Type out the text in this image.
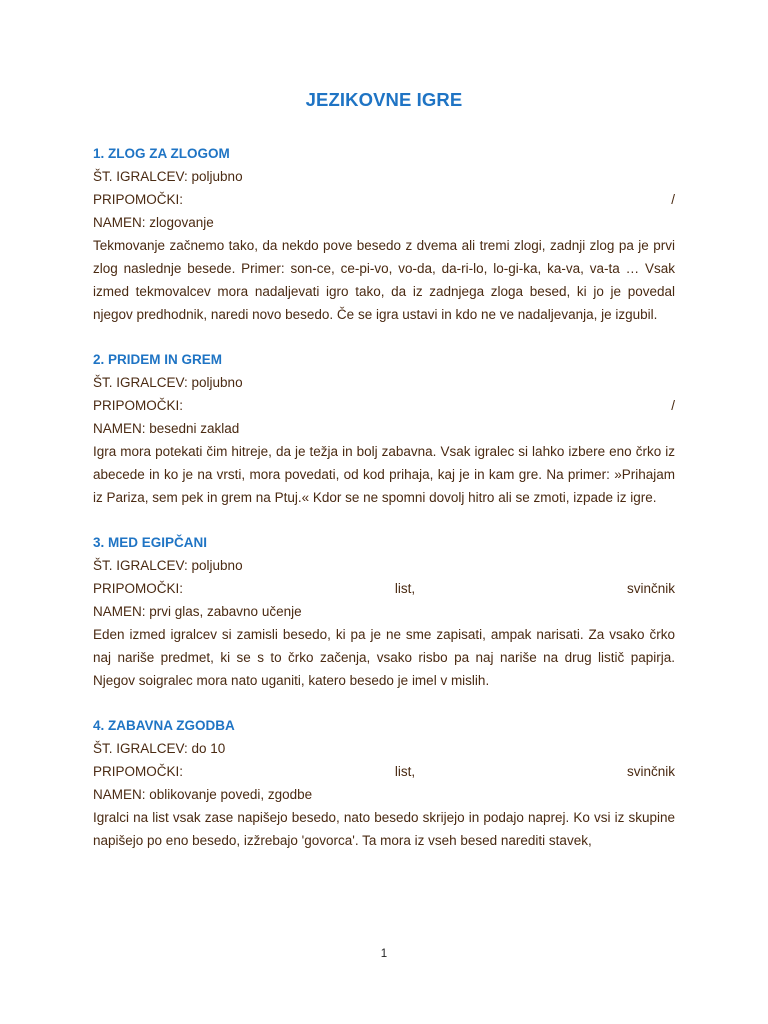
JEZIKOVNE IGRE
1. ZLOG ZA ZLOGOM
ŠT. IGRALCEV: poljubno
PRIPOMOČKI:	/
NAMEN: zlogovanje

Tekmovanje začnemo tako, da nekdo pove besedo z dvema ali tremi zlogi, zadnji zlog pa je prvi zlog naslednje besede. Primer: son-ce, ce-pi-vo, vo-da, da-ri-lo, lo-gi-ka, ka-va, va-ta … Vsak izmed tekmovalcev mora nadaljevati igro tako, da iz zadnjega zloga besed, ki jo je povedal njegov predhodnik, naredi novo besedo. Če se igra ustavi in kdo ne ve nadaljevanja, je izgubil.

2. PRIDEM IN GREM
ŠT. IGRALCEV: poljubno
PRIPOMOČKI:	/
NAMEN: besedni zaklad

Igra mora potekati čim hitreje, da je težja in bolj zabavna. Vsak igralec si lahko izbere eno črko iz abecede in ko je na vrsti, mora povedati, od kod prihaja, kaj je in kam gre. Na primer: »Prihajam iz Pariza, sem pek in grem na Ptuj.« Kdor se ne spomni dovolj hitro ali se zmoti, izpade iz igre.

3. MED EGIPČANI
ŠT. IGRALCEV: poljubno
PRIPOMOČKI:	list,	svinčnik
NAMEN: prvi glas, zabavno učenje

Eden izmed igralcev si zamisli besedo, ki pa je ne sme zapisati, ampak narisati. Za vsako črko naj nariše predmet, ki se s to črko začenja, vsako risbo pa naj nariše na drug listič papirja. Njegov soigralec mora nato uganiti, katero besedo je imel v mislih.

4. ZABAVNA ZGODBA
ŠT. IGRALCEV: do 10
PRIPOMOČKI:	list,	svinčnik
NAMEN: oblikovanje povedi, zgodbe

Igralci na list vsak zase napišejo besedo, nato besedo skrijejo in podajo naprej. Ko vsi iz skupine napišejo po eno besedo, izžrebajo 'govorca'. Ta mora iz vseh besed narediti stavek,

1
